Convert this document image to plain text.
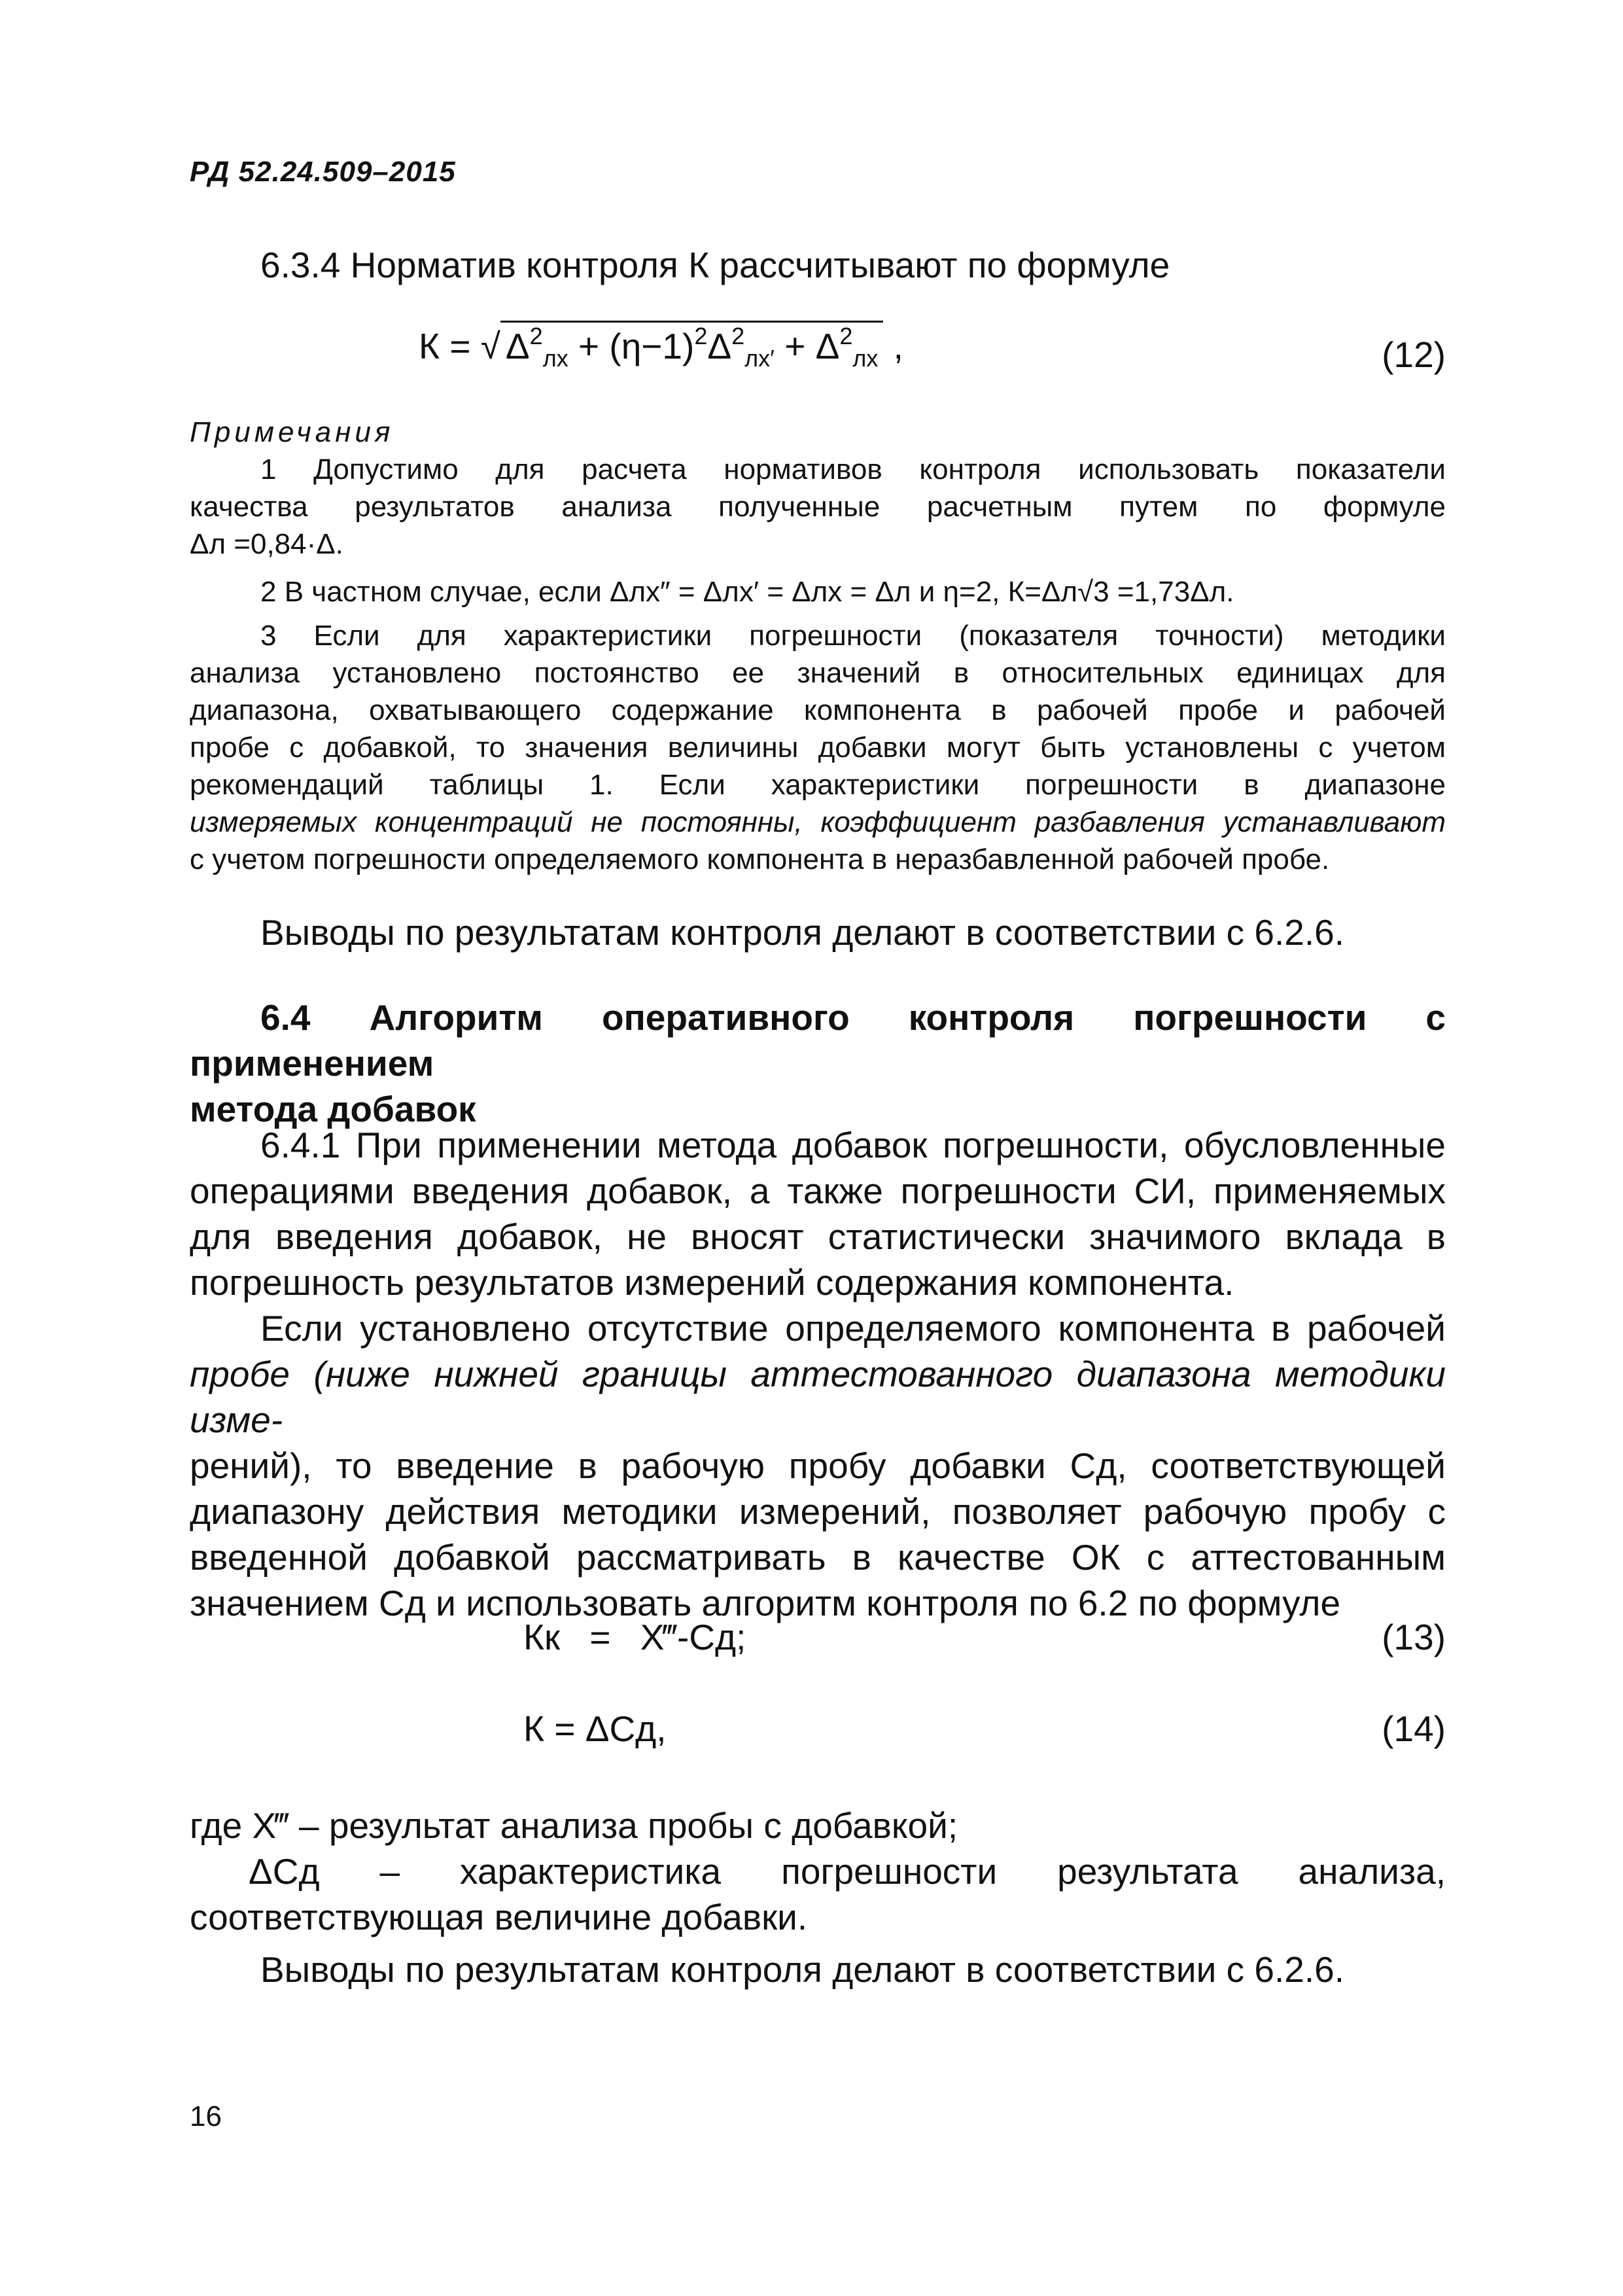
РД 52.24.509–2015
6.3.4 Норматив контроля К рассчитывают по формуле
К = √ $\Delta^2_{лх} + (\eta-1)^2\Delta^2_{лх'} + \Delta^2_{лх}$ ,	(12)
Примечания
1 Допустимо для расчета нормативов контроля использовать показатели
качества результатов анализа полученные расчетным путем по формуле
Δл =0,84·Δ.
2 В частном случае, если Δлх″ = Δлх′ = Δлх = Δл и η=2, К=Δл√3 =1,73Δл.
3 Если для характеристики погрешности (показателя точности) методики
анализа установлено постоянство ее значений в относительных единицах для
диапазона, охватывающего содержание компонента в рабочей пробе и рабочей
пробе с добавкой, то значения величины добавки могут быть установлены с учетом
рекомендаций таблицы 1. Если характеристики погрешности в диапазоне
измеряемых концентраций не постоянны, коэффициент разбавления устанавливают
с учетом погрешности определяемого компонента в неразбавленной рабочей пробе.
Выводы по результатам контроля делают в соответствии с 6.2.6.
6.4 Алгоритм оперативного контроля погрешности с применением
метода добавок
6.4.1 При применении метода добавок погрешности, обусловленные
операциями введения добавок, а также погрешности СИ, применяемых
для введения добавок, не вносят статистически значимого вклада в
погрешность результатов измерений содержания компонента.
Если установлено отсутствие определяемого компонента в рабочей
пробе (ниже нижней границы аттестованного диапазона методики изме-
рений), то введение в рабочую пробу добавки Сд, соответствующей
диапазону действия методики измерений, позволяет рабочую пробу с
введенной добавкой рассматривать в качестве ОК с аттестованным
значением Сд и использовать алгоритм контроля по 6.2 по формуле
Кк = X‴-Сд;	(13)
К = ΔСд,	(14)
где X‴ – результат анализа пробы с добавкой;
ΔСд – характеристика погрешности результата анализа,
соответствующая величине добавки.
Выводы по результатам контроля делают в соответствии с 6.2.6.
16
